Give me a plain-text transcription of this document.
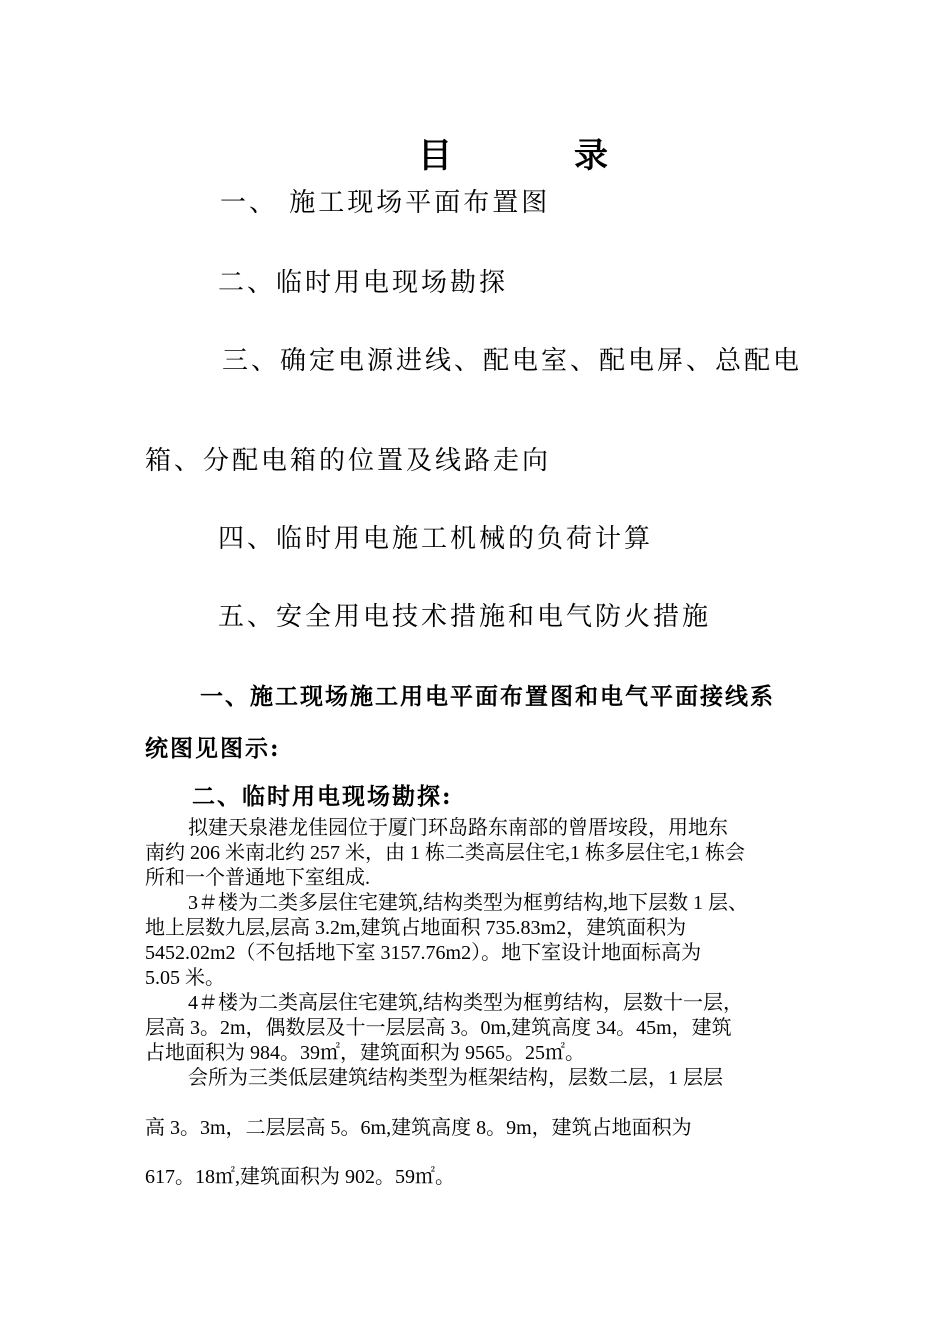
目　录
一、 施工现场平面布置图
二、临时用电现场勘探
三、确定电源进线、配电室、配电屏、总配电
箱、分配电箱的位置及线路走向
四、临时用电施工机械的负荷计算
五、安全用电技术措施和电气防火措施
一、施工现场施工用电平面布置图和电气平面接线系
统图见图示:
二、临时用电现场勘探:
拟建天泉港龙佳园位于厦门环岛路东南部的曾厝垵段，用地东
南约 206 米南北约 257 米，由 1 栋二类高层住宅,1 栋多层住宅,1 栋会
所和一个普通地下室组成.
3＃楼为二类多层住宅建筑,结构类型为框剪结构,地下层数 1 层、
地上层数九层,层高 3.2m,建筑占地面积 735.83m2，建筑面积为
5452.02m2（不包括地下室 3157.76m2）。地下室设计地面标高为
5.05 米。
4＃楼为二类高层住宅建筑,结构类型为框剪结构，层数十一层，
层高 3。2m，偶数层及十一层层高 3。0m,建筑高度 34。45m，建筑
占地面积为 984。39㎡，建筑面积为 9565。25㎡。
会所为三类低层建筑结构类型为框架结构，层数二层，1 层层
高 3。3m，二层层高 5。6m,建筑高度 8。9m，建筑占地面积为
617。18㎡,建筑面积为 902。59㎡。
